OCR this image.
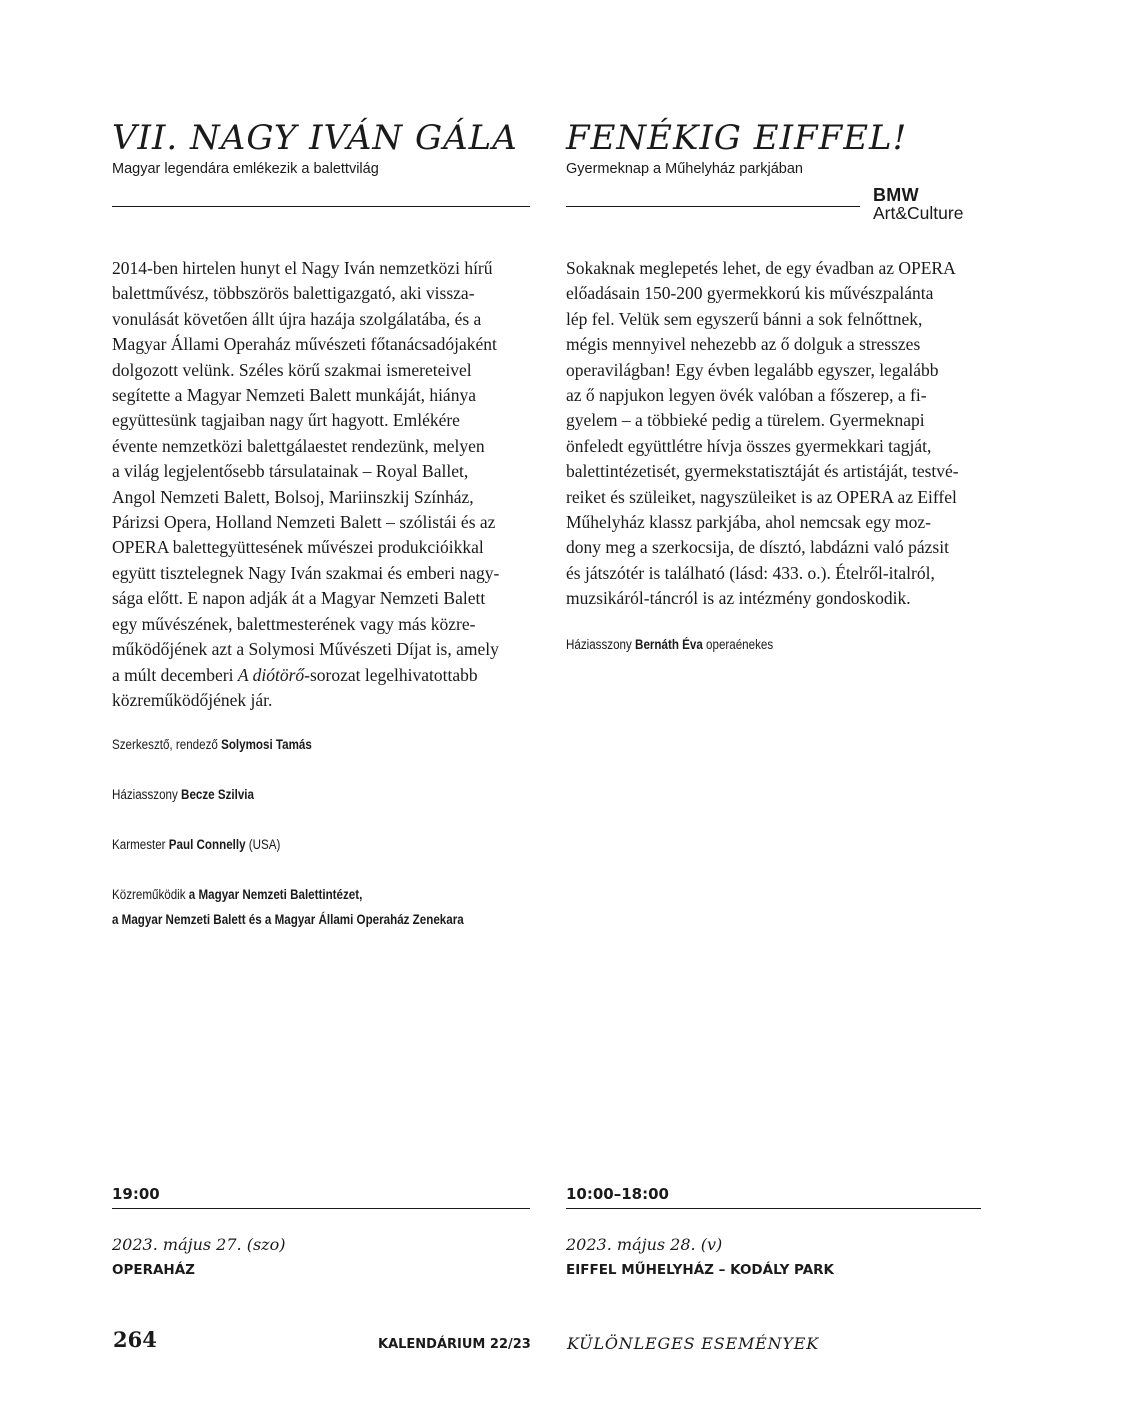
VII. NAGY IVÁN GÁLA
Magyar legendára emlékezik a balettvilág

2014-ben hirtelen hunyt el Nagy Iván nemzetközi hírű
balettművész, többszörös balettigazgató, aki vissza-
vonulását követően állt újra hazája szolgálatába, és a
Magyar Állami Operaház művészeti főtanácsadójaként
dolgozott velünk. Széles körű szakmai ismereteivel
segítette a Magyar Nemzeti Balett munkáját, hiánya
együttesünk tagjaiban nagy űrt hagyott. Emlékére
évente nemzetközi balettgálaestet rendezünk, melyen
a világ legjelentősebb társulatainak – Royal Ballet,
Angol Nemzeti Balett, Bolsoj, Mariinszkij Színház,
Párizsi Opera, Holland Nemzeti Balett – szólistái és az
OPERA balettegyüttesének művészei produkcióikkal
együtt tisztelegnek Nagy Iván szakmai és emberi nagy-
sága előtt. E napon adják át a Magyar Nemzeti Balett
egy művészének, balettmesterének vagy más közre-
működőjének azt a Solymosi Művészeti Díjat is, amely
a múlt decemberi A diótörő-sorozat legelhivatottabb
közreműködőjének jár.

Szerkesztő, rendező Solymosi Tamás

Háziasszony Becze Szilvia

Karmester Paul Connelly (USA)

Közreműködik a Magyar Nemzeti Balettintézet,
a Magyar Nemzeti Balett és a Magyar Állami Operaház Zenekara

19:00
2023. május 27. (szo)
OPERAHÁZ
FENÉKIG EIFFEL!
Gyermeknap a Műhelyház parkjában
BMW
Art&Culture

Sokaknak meglepetés lehet, de egy évadban az OPERA
előadásain 150-200 gyermekkorú kis művészpalánta
lép fel. Velük sem egyszerű bánni a sok felnőttnek,
mégis mennyivel nehezebb az ő dolguk a stresszes
operavilágban! Egy évben legalább egyszer, legalább
az ő napjukon legyen övék valóban a főszerep, a fi-
gyelem – a többieké pedig a türelem. Gyermeknapi
önfeledt együttlétre hívja összes gyermekkari tagját,
balettintézetisét, gyermekstatisztáját és artistáját, testvé-
reiket és szüleiket, nagyszüleiket is az OPERA az Eiffel
Műhelyház klassz parkjába, ahol nemcsak egy moz-
dony meg a szerkocsija, de dísztó, labdázni való pázsit
és játszótér is található (lásd: 433. o.). Ételről-italról,
muzsikáról-táncról is az intézmény gondoskodik.

Háziasszony Bernáth Éva operaénekes

10:00–18:00
2023. május 28. (v)
EIFFEL MŰHELYHÁZ – KODÁLY PARK
264	KALENDÁRIUM 22/23 KÜLÖNLEGES ESEMÉNYEK
